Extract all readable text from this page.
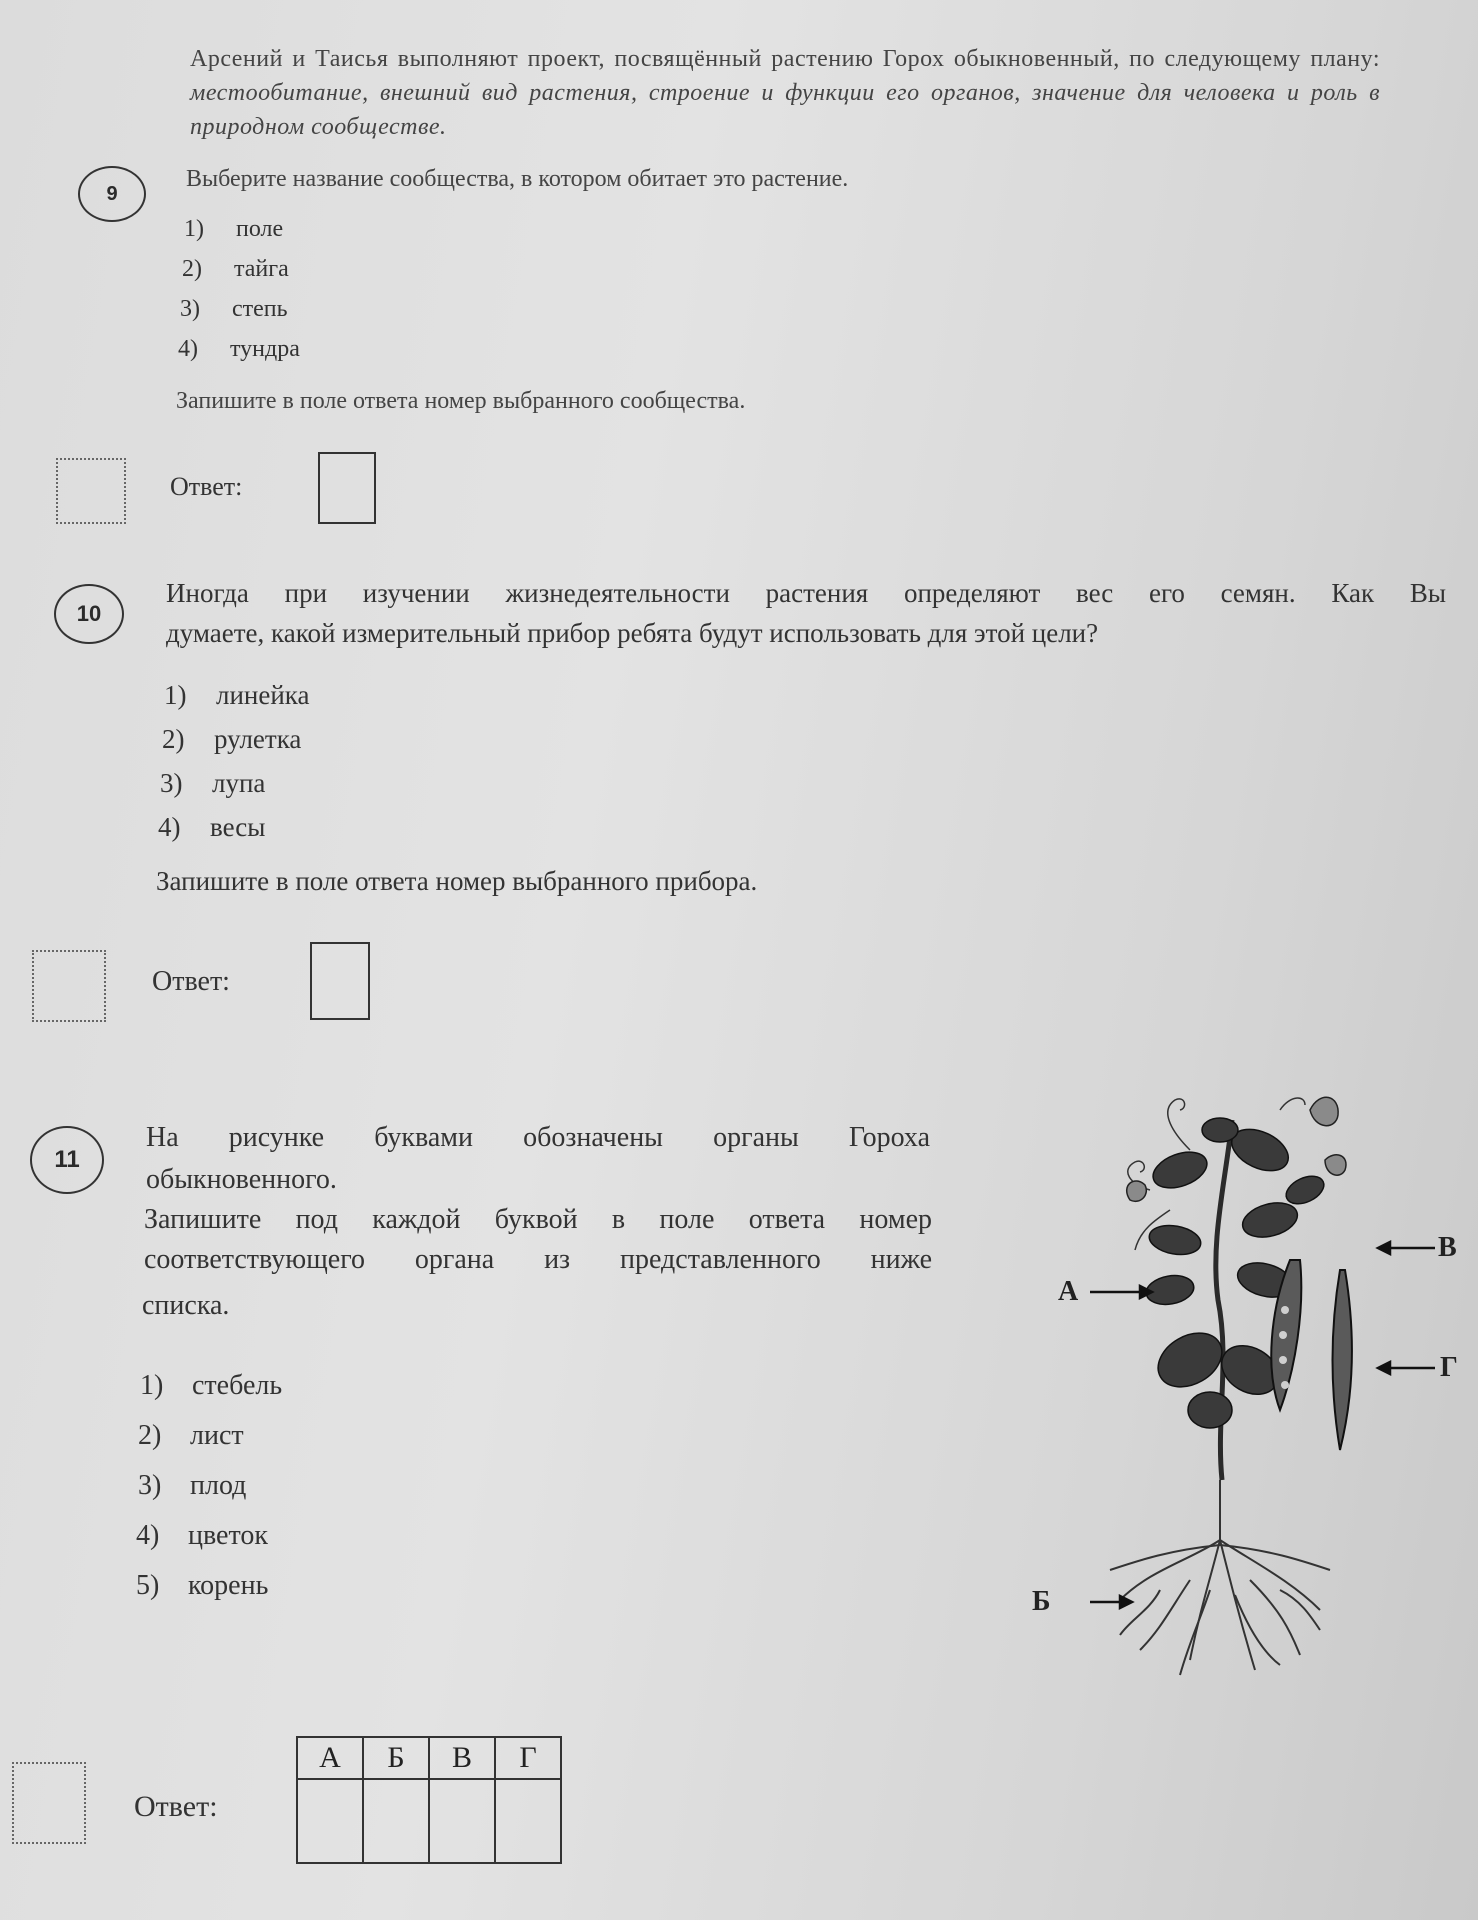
Арсений и Таисья выполняют проект, посвящённый растению Горох обыкновенный, по следующему плану: местообитание, внешний вид растения, строение и функции его органов, значение для человека и роль в природном сообществе.
9
Выберите название сообщества, в котором обитает это растение.
1) поле
2) тайга
3) степь
4) тундра
Запишите в поле ответа номер выбранного сообщества.
Ответ:
10
Иногда при изучении жизнедеятельности растения определяют вес его семян. Как Вы
думаете, какой измерительный прибор ребята будут использовать для этой цели?
1) линейка
2) рулетка
3) лупа
4) весы
Запишите в поле ответа номер выбранного прибора.
Ответ:
11
На рисунке буквами обозначены органы Гороха
обыкновенного.
Запишите под каждой буквой в поле ответа номер
соответствующего органа из представленного ниже
списка.
1) стебель
2) лист
3) плод
4) цветок
5) корень
А
Б
В
Г
Ответ:
А	Б	В	Г
